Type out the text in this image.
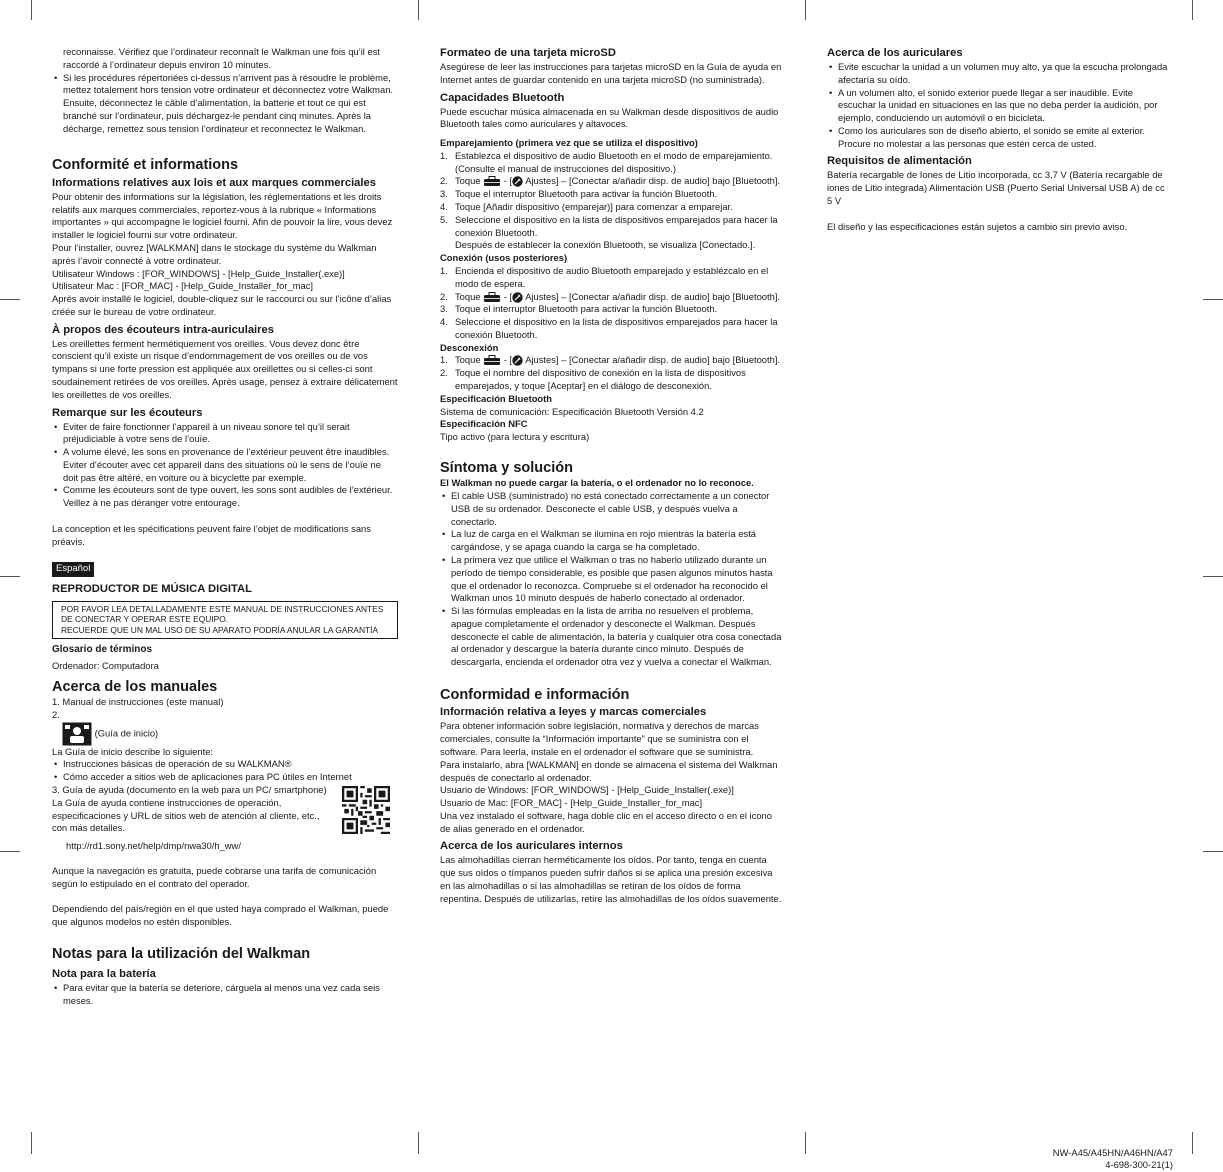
reconnaisse. Vérifiez que l’ordinateur reconnaît le Walkman une fois qu’il est raccordé à l’ordinateur depuis environ 10 minutes.

• Si les procédures répertoriées ci-dessus n’arrivent pas à résoudre le problème, mettez totalement hors tension votre ordinateur et déconnectez votre Walkman. Ensuite, déconnectez le câble d’alimentation, la batterie et tout ce qui est branché sur l’ordinateur, puis déchargez-le pendant cinq minutes. Après la décharge, remettez sous tension l’ordinateur et reconnectez le Walkman.
Conformité et informations
Informations relatives aux lois et aux marques commerciales

Pour obtenir des informations sur la législation, les réglementations et les droits relatifs aux marques commerciales, reportez-vous à la rubrique « Informations importantes » qui accompagne le logiciel fourni. Afin de pouvoir la lire, vous devez installer le logiciel fourni sur votre ordinateur.

Pour l’installer, ouvrez [WALKMAN] dans le stockage du système du Walkman après l’avoir connecté à votre ordinateur.

Utilisateur Windows : [FOR_WINDOWS] - [Help_Guide_Installer(.exe)]

Utilisateur Mac : [FOR_MAC] - [Help_Guide_Installer_for_mac]

Après avoir installé le logiciel, double-cliquez sur le raccourci ou sur l’icône d’alias créée sur le bureau de votre ordinateur.

À propos des écouteurs intra-auriculaires

Les oreillettes ferment hermétiquement vos oreilles. Vous devez donc être conscient qu’il existe un risque d’endommagement de vos oreilles ou de vos tympans si une forte pression est appliquée aux oreillettes ou si celles-ci sont soudainement retirées de vos oreilles. Après usage, pensez à extraire délicatement les oreillettes de vos oreilles.

Remarque sur les écouteurs
• Eviter de faire fonctionner l’appareil à un niveau sonore tel qu’il serait préjudiciable à votre sens de l’ouïe.
• A volume élevé, les sons en provenance de l’extérieur peuvent être inaudibles. Eviter d’écouter avec cet appareil dans des situations où le sens de l’ouïe ne doit pas être altéré, en voiture ou à bicyclette par exemple.
• Comme les écouteurs sont de type ouvert, les sons sont audibles de l’extérieur. Veillez à ne pas déranger votre entourage.

La conception et les spécifications peuvent faire l’objet de modifications sans préavis.

Español
REPRODUCTOR DE MÚSICA DIGITAL
POR FAVOR LEA DETALLADAMENTE ESTE MANUAL DE INSTRUCCIONES ANTES DE CONECTAR Y OPERAR ESTE EQUIPO.
RECUERDE QUE UN MAL USO DE SU APARATO PODRÍA ANULAR LA GARANTÍA
Glosario de términos

Ordenador: Computadora

Acerca de los manuales

1. Manual de instrucciones (este manual)

2.
(Guía de inicio)

La Guía de inicio describe lo siguiente:

• Instrucciones básicas de operación de su WALKMAN®
• Cómo acceder a sitios web de aplicaciones para PC útiles en Internet

3. Guía de ayuda (documento en la web para un PC/ smartphone)

La Guía de ayuda contiene instrucciones de operación, especificaciones y URL de sitios web de atención al cliente, etc., con más detalles.

http://rd1.sony.net/help/dmp/nwa30/h_ww/

Aunque la navegación es gratuita, puede cobrarse una tarifa de comunicación según lo estipulado en el contrato del operador.

Dependiendo del país/región en el que usted haya comprado el Walkman, puede que algunos modelos no estén disponibles.

Notas para la utilización del Walkman
Nota para la batería
• Para evitar que la batería se deteriore, cárguela al menos una vez cada seis meses.
Formateo de una tarjeta microSD

Asegúrese de leer las instrucciones para tarjetas microSD en la Guía de ayuda en Internet antes de guardar contenido en una tarjeta microSD (no suministrada).

Capacidades Bluetooth

Puede escuchar música almacenada en su Walkman desde dispositivos de audio Bluetooth tales como auriculares y altavoces.

Emparejamiento (primera vez que se utiliza el dispositivo)

1. Establezca el dispositivo de audio Bluetooth en el modo de emparejamiento. (Consulte el manual de instrucciones del dispositivo.)
2. Toque  - [ Ajustes] – [Conectar a/añadir disp. de audio] bajo [Bluetooth].
3. Toque el interruptor Bluetooth para activar la función Bluetooth.
4. Toque [Añadir dispositivo (emparejar)] para comenzar a emparejar.
5. Seleccione el dispositivo en la lista de dispositivos emparejados para hacer la conexión Bluetooth.
Después de establecer la conexión Bluetooth, se visualiza [Conectado.].

Conexión (usos posteriores)

1. Encienda el dispositivo de audio Bluetooth emparejado y establézcalo en el modo de espera.
2. Toque  - [ Ajustes] – [Conectar a/añadir disp. de audio] bajo [Bluetooth].
3. Toque el interruptor Bluetooth para activar la función Bluetooth.
4. Seleccione el dispositivo en la lista de dispositivos emparejados para hacer la conexión Bluetooth.

Desconexión

1. Toque  - [ Ajustes] – [Conectar a/añadir disp. de audio] bajo [Bluetooth].
2. Toque el nombre del dispositivo de conexión en la lista de dispositivos emparejados, y toque [Aceptar] en el diálogo de desconexión.

Especificación Bluetooth

Sistema de comunicación: Especificación Bluetooth Versión 4.2

Especificación NFC

Tipo activo (para lectura y escritura)

Síntoma y solución

El Walkman no puede cargar la batería, o el ordenador no lo reconoce.

• El cable USB (suministrado) no está conectado correctamente a un conector USB de su ordenador. Desconecte el cable USB, y después vuelva a conectarlo.
• La luz de carga en el Walkman se ilumina en rojo mientras la batería está cargándose, y se apaga cuando la carga se ha completado.
• La primera vez que utilice el Walkman o tras no haberlo utilizado durante un período de tiempo considerable, es posible que pasen algunos minutos hasta que el ordenador lo reconozca. Compruebe si el ordenador ha reconocido el Walkman unos 10 minuto después de haberlo conectado al ordenador.
• Si las fórmulas empleadas en la lista de arriba no resuelven el problema, apague completamente el ordenador y desconecte el Walkman. Después desconecte el cable de alimentación, la batería y cualquier otra cosa conectada al ordenador y descargue la batería durante cinco minuto. Después de descargarla, encienda el ordenador otra vez y vuelva a conectar el Walkman.
Conformidad e información
Información relativa a leyes y marcas comerciales

Para obtener información sobre legislación, normativa y derechos de marcas comerciales, consulte la “Información importante” que se suministra con el software. Para leerla, instale en el ordenador el software que se suministra.

Para instalarlo, abra [WALKMAN] en donde se almacena el sistema del Walkman después de conectarlo al ordenador.

Usuario de Windows: [FOR_WINDOWS] - [Help_Guide_Installer(.exe)]

Usuario de Mac: [FOR_MAC] - [Help_Guide_Installer_for_mac]

Una vez instalado el software, haga doble clic en el acceso directo o en el icono de alias generado en el ordenador.

Acerca de los auriculares internos

Las almohadillas cierran herméticamente los oídos. Por tanto, tenga en cuenta que sus oídos o tímpanos pueden sufrir daños si se aplica una presión excesiva en las almohadillas o si las almohadillas se retiran de los oídos de forma repentina. Después de utilizarlas, retire las almohadillas de los oídos suavemente.

Acerca de los auriculares
• Evite escuchar la unidad a un volumen muy alto, ya que la escucha prolongada afectaría su oído.
• A un volumen alto, el sonido exterior puede llegar a ser inaudible. Evite escuchar la unidad en situaciones en las que no deba perder la audición, por ejemplo, conduciendo un automóvil o en bicicleta.
• Como los auriculares son de diseño abierto, el sonido se emite al exterior. Procure no molestar a las personas que estén cerca de usted.
Requisitos de alimentación

Batería recargable de Iones de Litio incorporada, cc 3,7 V (Batería recargable de iones de Litio integrada) Alimentación USB (Puerto Serial Universal USB A) de cc 5 V

El diseño y las especificaciones están sujetos a cambio sin previo aviso.

NW-A45/A45HN/A46HN/A47
4-698-300-21(1)
